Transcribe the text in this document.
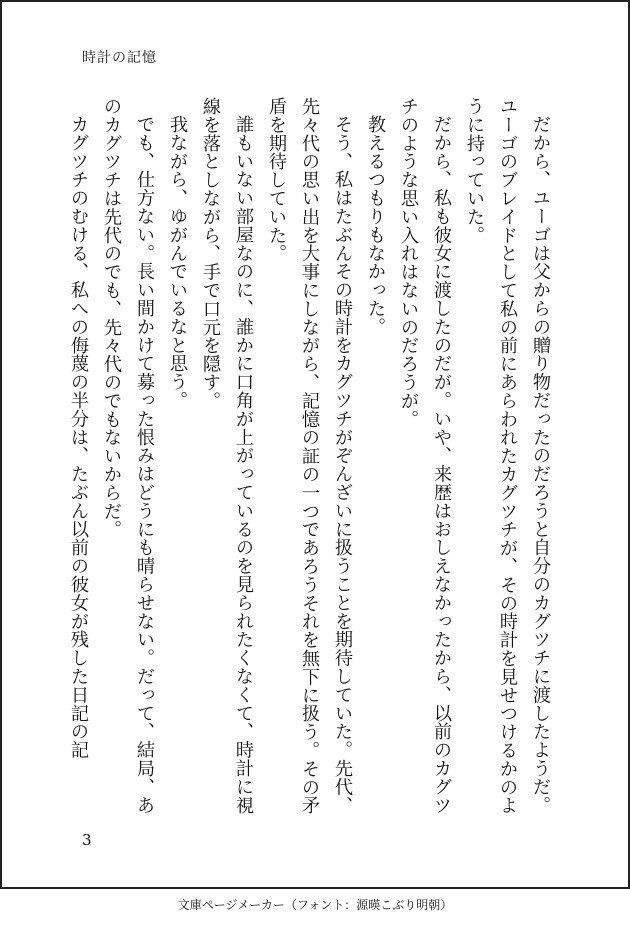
時計の記憶

だから、ユーゴは父からの贈り物だったのだろうと自分のカグツチに渡したようだ。ユーゴのブレイドとして私の前にあらわれたカグツチが、その時計を見せつけるかのように持っていた。

だから、私も彼女に渡したのだが。いや、来歴はおしえなかったから、以前のカグツチのような思い入れはないのだろうが。

教えるつもりもなかった。

そう、私はたぶんその時計をカグツチがぞんざいに扱うことを期待していた。先代、先々代の思い出を大事にしながら、記憶の証の一つであろうそれを無下に扱う。その矛盾を期待していた。

誰もいない部屋なのに、誰かに口角が上がっているのを見られたくなくて、時計に視線を落としながら、手で口元を隠す。

我ながら、ゆがんでいるなと思う。

でも、仕方ない。長い間かけて募った恨みはどうにも晴らせない。だって、結局、あのカグツチは先代のでも、先々代のでもないからだ。

カグツチのむける、私への侮蔑の半分は、たぶん以前の彼女が残した日記の記

3
文庫ページメーカー（フォント：源暎こぶり明朝）
